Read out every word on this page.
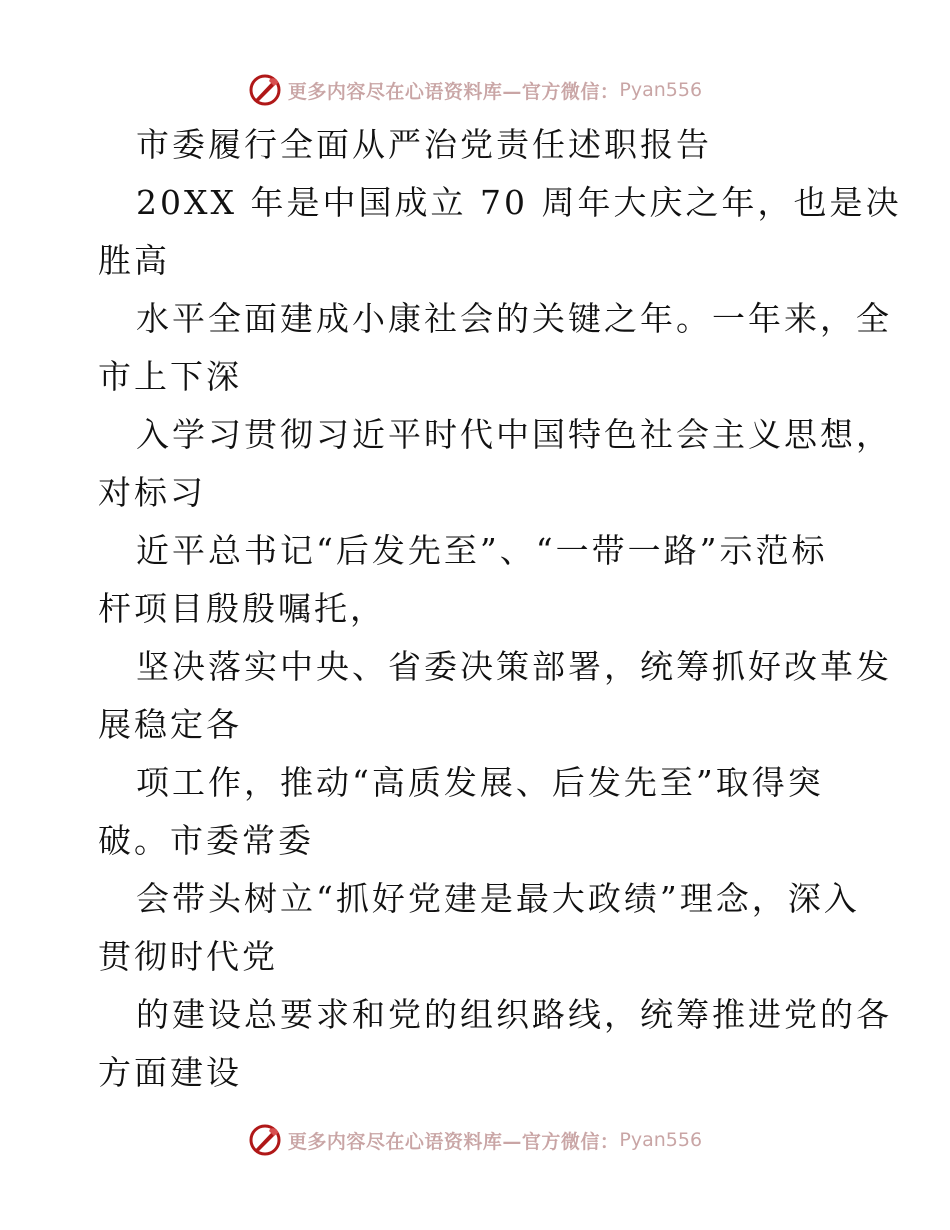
更多内容尽在心语资料库—官方微信： Pyan556
市委履行全面从严治党责任述职报告
20XX 年是中国成立 70 周年大庆之年，也是决
胜高
水平全面建成小康社会的关键之年。一年来，全
市上下深
入学习贯彻习近平时代中国特色社会主义思想，
对标习
近平总书记“后发先至”、“一带一路”示范标
杆项目殷殷嘱托，
坚决落实中央、省委决策部署，统筹抓好改革发
展稳定各
项工作，推动“高质发展、后发先至”取得突
破。市委常委
会带头树立“抓好党建是最大政绩”理念，深入
贯彻时代党
的建设总要求和党的组织路线，统筹推进党的各
方面建设
更多内容尽在心语资料库—官方微信： Pyan556
